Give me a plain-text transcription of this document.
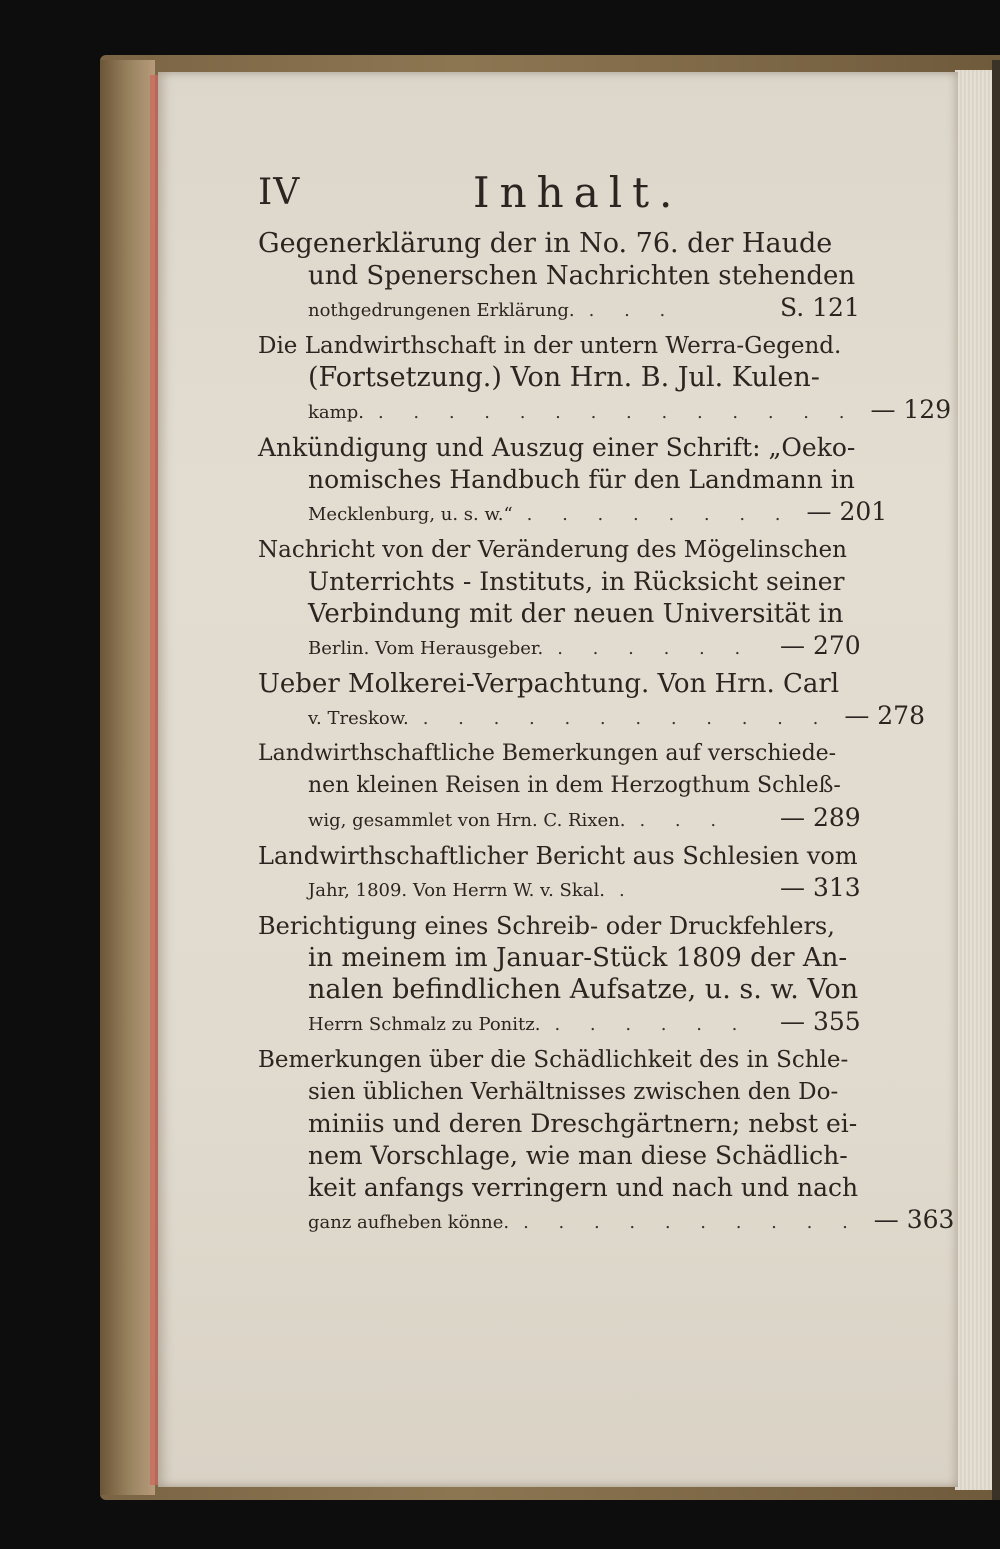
IV	Inhalt.
Gegenerklärung der in No. 76. der Haude
und Spenerschen Nachrichten stehenden
nothgedrungenen Erklärung. . . .	S. 121
Die Landwirthschaft in der untern Werra-Gegend.
(Fortsetzung.) Von Hrn. B. Jul. Kulen-
kamp. . . . . . . . . . . . . . . — 129
Ankündigung und Auszug einer Schrift: „Oeko-
nomisches Handbuch für den Landmann in
Mecklenburg, u. s. w.“ . . . . . . . . — 201
Nachricht von der Veränderung des Mögelinschen
Unterrichts - Instituts, in Rücksicht seiner
Verbindung mit der neuen Universität in
Berlin. Vom Herausgeber. . . . . . .	— 270
Ueber Molkerei-Verpachtung. Von Hrn. Carl
v. Treskow. . . . . . . . . . . . . — 278
Landwirthschaftliche Bemerkungen auf verschiede-
nen kleinen Reisen in dem Herzogthum Schleß-
wig, gesammlet von Hrn. C. Rixen. . . .	— 289
Landwirthschaftlicher Bericht aus Schlesien vom
Jahr, 1809. Von Herrn W. v. Skal. .	— 313
Berichtigung eines Schreib- oder Druckfehlers,
in meinem im Januar-Stück 1809 der An-
nalen befindlichen Aufsatze, u. s. w. Von
Herrn Schmalz zu Ponitz. . . . . . .	— 355
Bemerkungen über die Schädlichkeit des in Schle-
sien üblichen Verhältnisses zwischen den Do-
miniis und deren Dreschgärtnern; nebst ei-
nem Vorschlage, wie man diese Schädlich-
keit anfangs verringern und nach und nach
ganz aufheben könne. . . . . . . . . . . — 363
